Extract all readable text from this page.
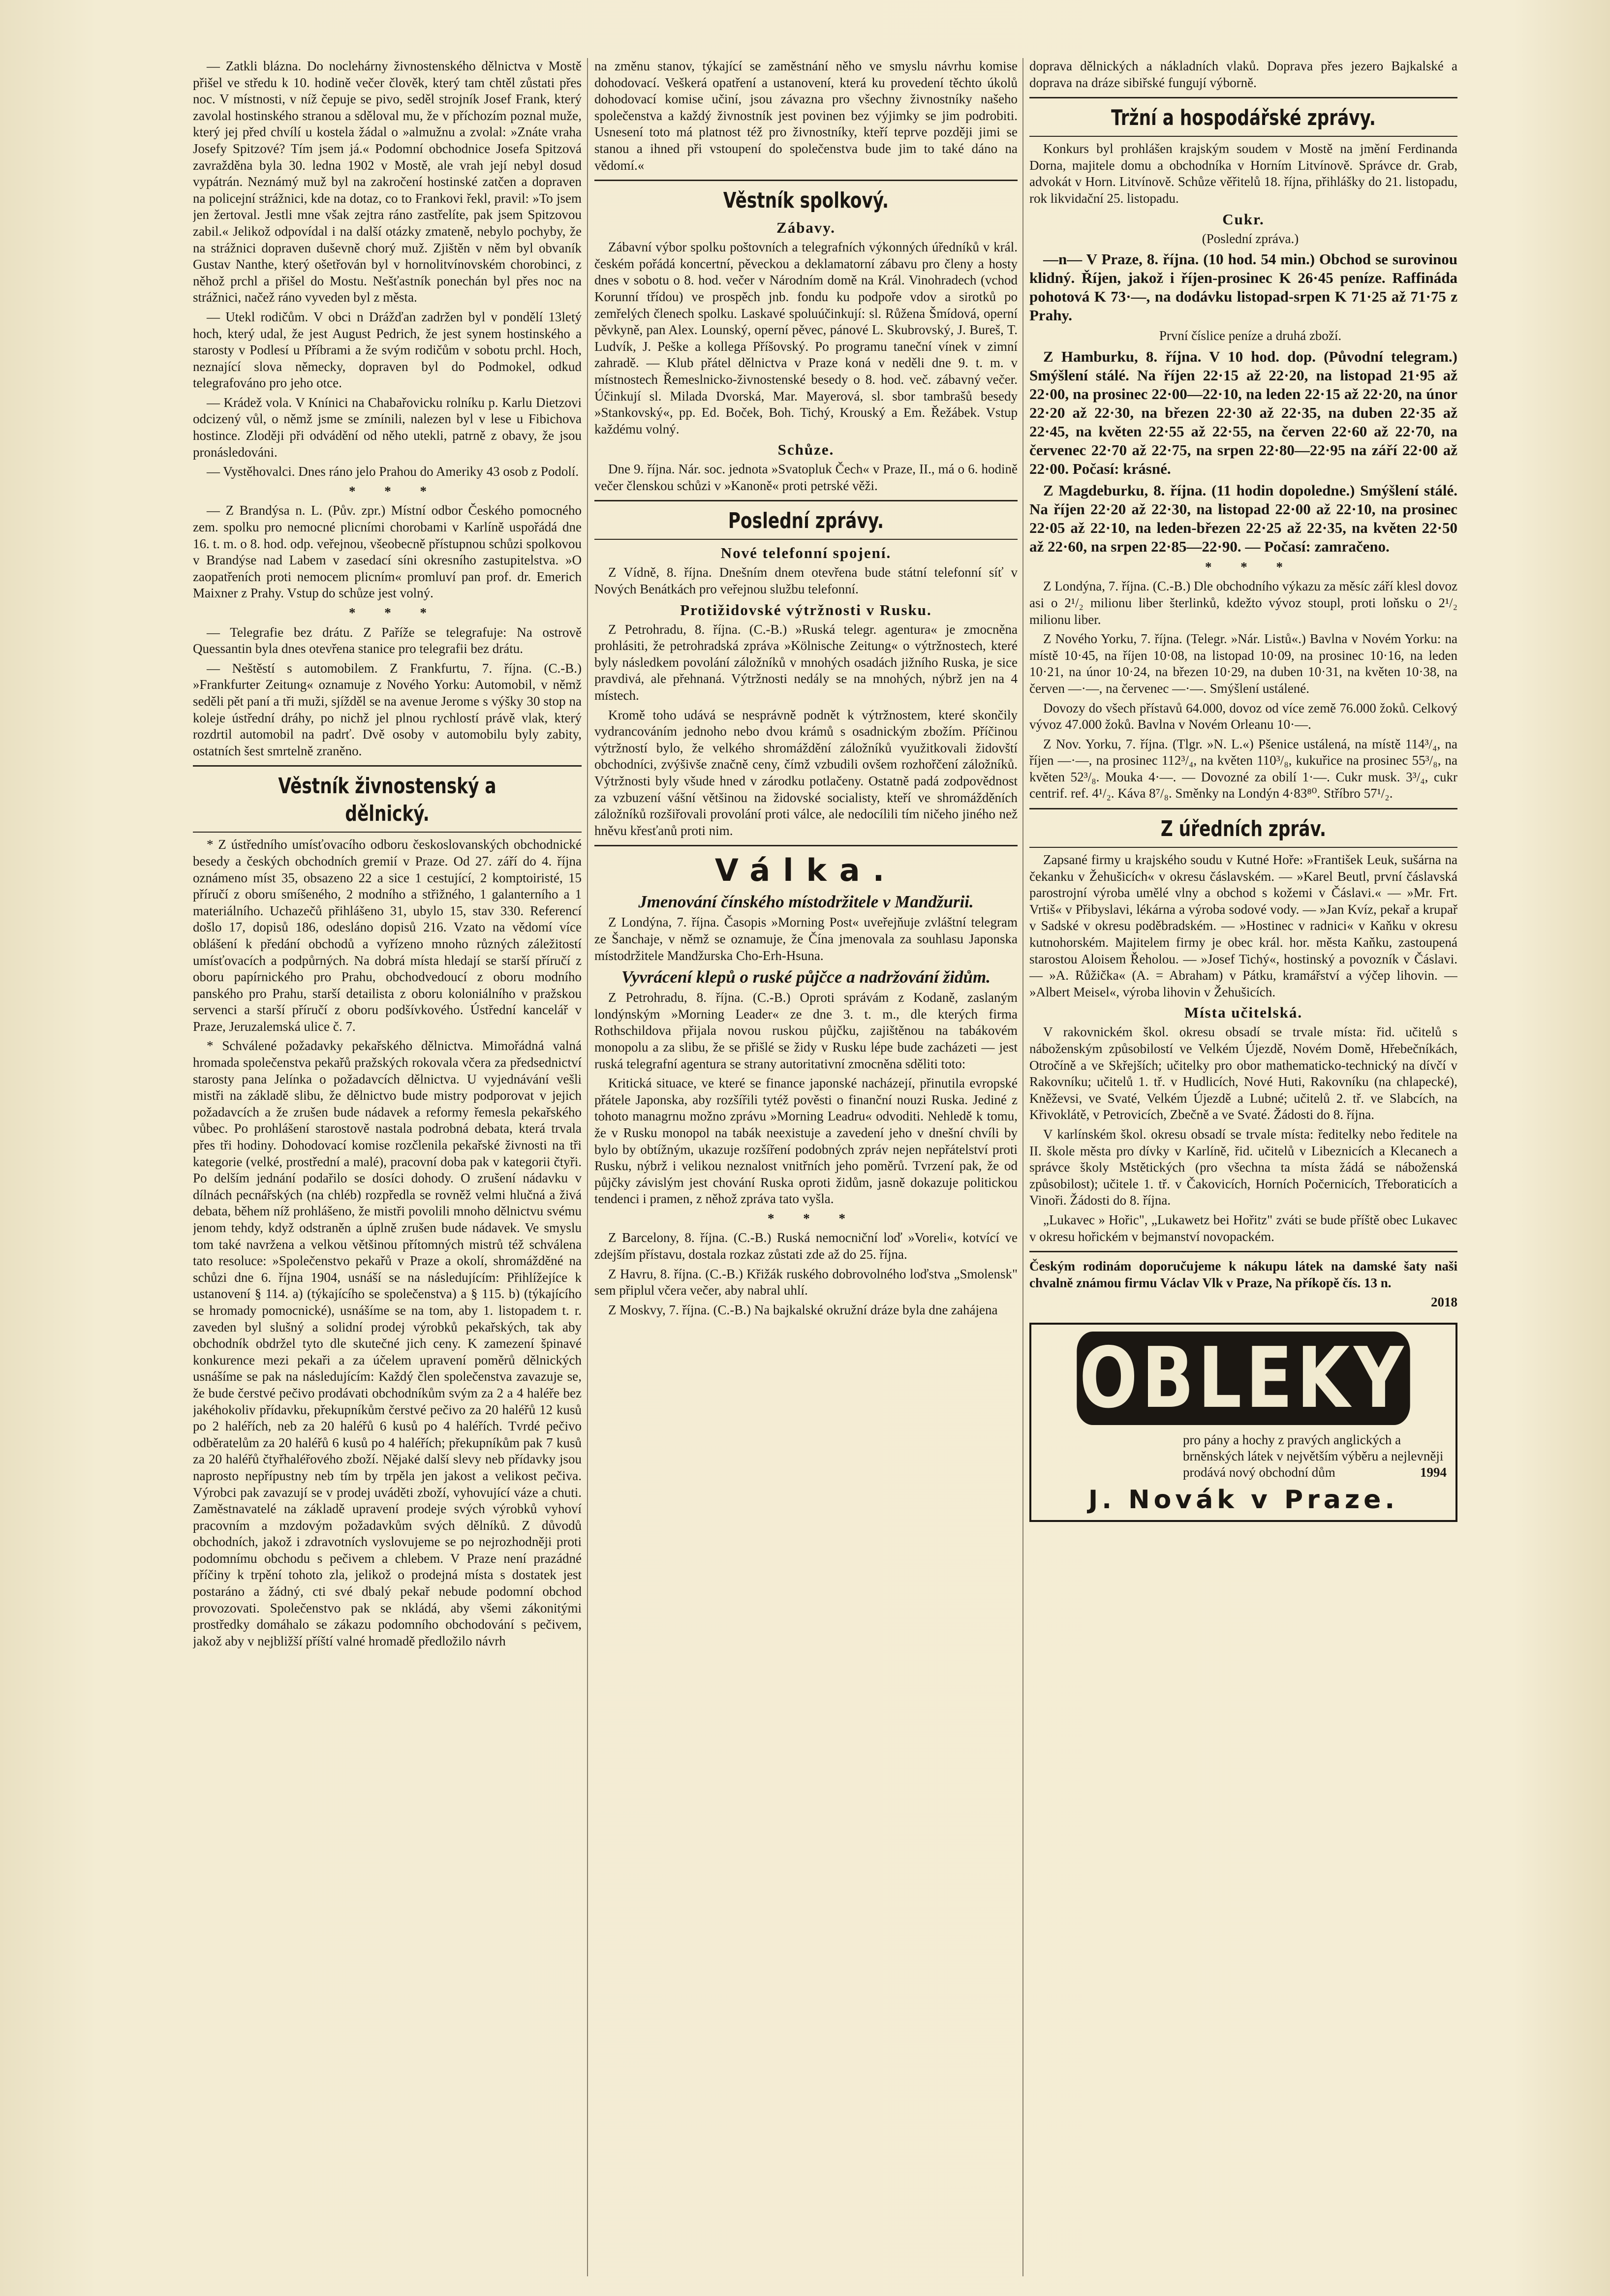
— Zatkli blázna. Do noclehárny živnostenského dělnictva v Mostě přišel ve středu k 10. hodině večer člověk, který tam chtěl zůstati přes noc. V místnosti, v níž čepuje se pivo, seděl strojník Josef Frank, který zavolal hostinského stranou a sděloval mu, že v příchozím poznal muže, který jej před chvílí u kostela žádal o »almužnu a zvolal: »Znáte vraha Josefy Spitzové? Tím jsem já.« Podomní obchodnice Josefa Spitzová zavražděna byla 30. ledna 1902 v Mostě, ale vrah její nebyl dosud vypátrán. Neznámý muž byl na zakročení hostinské zatčen a dopraven na policejní strážnici, kde na dotaz, co to Frankovi řekl, pravil: »To jsem jen žertoval. Jestli mne však zejtra ráno zastřelíte, pak jsem Spitzovou zabil.« Jelikož odpovídal i na další otázky zmateně, nebylo pochyby, že na strážnici dopraven duševně chorý muž. Zjištěn v něm byl obvaník Gustav Nanthe, který ošetřován byl v hornolitvínovském chorobinci, z něhož prchl a přišel do Mostu. Nešťastník ponechán byl přes noc na strážnici, načež ráno vyveden byl z města.

— Utekl rodičům. V obci n Drážďan zadržen byl v pondělí 13letý hoch, který udal, že jest August Pedrich, že jest synem hostinského a starosty v Podlesí u Příbrami a že svým rodičům v sobotu prchl. Hoch, neznající slova německy, dopraven byl do Podmokel, odkud telegrafováno pro jeho otce.

— Krádež vola. V Knínici na Chabařovicku rolníku p. Karlu Dietzovi odcizený vůl, o němž jsme se zmínili, nalezen byl v lese u Fibichova hostince. Zloději při odvádění od něho utekli, patrně z obavy, že jsou pronásledováni.

— Vystěhovalci. Dnes ráno jelo Prahou do Ameriky 43 osob z Podolí.

* * *

— Z Brandýsa n. L. (Pův. zpr.) Místní odbor Českého pomocného zem. spolku pro nemocné plicními chorobami v Karlíně uspořádá dne 16. t. m. o 8. hod. odp. veřejnou, všeobecně přístupnou schůzi spolkovou v Brandýse nad Labem v zasedací síni okresního zastupitelstva. »O zaopatřeních proti nemocem plicním« promluví pan prof. dr. Emerich Maixner z Prahy. Vstup do schůze jest volný.

* * *

— Telegrafie bez drátu. Z Paříže se telegrafuje: Na ostrově Quessantin byla dnes otevřena stanice pro telegrafii bez drátu.

— Neštěstí s automobilem. Z Frankfurtu, 7. října. (C.-B.) »Frankfurter Zeitung« oznamuje z Nového Yorku: Automobil, v němž seděli pět paní a tři muži, sjížděl se na avenue Jerome s výšky 30 stop na koleje ústřední dráhy, po nichž jel plnou rychlostí právě vlak, který rozdrtil automobil na padrť. Dvě osoby v automobilu byly zabity, ostatních šest smrtelně zraněno.

Věstník živnostenský a dělnický.

* Z ústředního umísťovacího odboru českoslovanských obchodnické besedy a českých obchodních gremií v Praze. Od 27. září do 4. října oznámeno míst 35, obsazeno 22 a sice 1 cestující, 2 komptoiristé, 15 příručí z oboru smíšeného, 2 modního a střižného, 1 galanterního a 1 materiálního. Uchazečů přihlášeno 31, ubylo 15, stav 330. Referencí došlo 17, dopisů 186, odesláno dopisů 216. Vzato na vědomí více oblášení k předání obchodů a vyřízeno mnoho různých záležitostí umísťovacích a podpůrných. Na dobrá místa hledají se starší příručí z oboru papírnického pro Prahu, obchodvedoucí z oboru modního panského pro Prahu, starší detailista z oboru koloniálního v pražskou servenci a starší příručí z oboru podšívkového. Ústřední kancelář v Praze, Jeruzalemská ulice č. 7.

* Schválené požadavky pekařského dělnictva. Mimořádná valná hromada společenstva pekařů pražských rokovala včera za předsednictví starosty pana Jelínka o požadavcích dělnictva. U vyjednávání vešli mistři na základě slibu, že dělnictvo bude mistry podporovat v jejich požadavcích a že zrušen bude nádavek a reformy řemesla pekařského vůbec. Po prohlášení starostově nastala podrobná debata, která trvala přes tři hodiny. Dohodovací komise rozčlenila pekařské živnosti na tři kategorie (velké, prostřední a malé), pracovní doba pak v kategorii čtyři. Po delším jednání podařilo se dosíci dohody. O zrušení nádavku v dílnách pecnářských (na chléb) rozpředla se rovněž velmi hlučná a živá debata, během níž prohlášeno, že mistři povolili mnoho dělnictvu svému jenom tehdy, když odstraněn a úplně zrušen bude nádavek. Ve smyslu tom také navržena a velkou většinou přítomných mistrů též schválena tato resoluce: »Společenstvo pekařů v Praze a okolí, shromážděné na schůzi dne 6. října 1904, usnáší se na následujícím: Přihlížejíce k ustanovení § 114. a) (týkajícího se společenstva) a § 115. b) (týkajícího se hromady pomocnické), usnášíme se na tom, aby 1. listopadem t. r. zaveden byl slušný a solidní prodej výrobků pekařských, tak aby obchodník obdržel tyto dle skutečné jich ceny. K zamezení špinavé konkurence mezi pekaři a za účelem upravení poměrů dělnických usnášíme se pak na následujícím: Každý člen společenstva zavazuje se, že bude čerstvé pečivo prodávati obchodníkům svým za 2 a 4 haléře bez jakéhokoliv přídavku, překupníkům čerstvé pečivo za 20 haléřů 12 kusů po 2 haléřích, neb za 20 haléřů 6 kusů po 4 haléřích. Tvrdé pečivo odběratelům za 20 haléřů 6 kusů po 4 haléřích; překupníkům pak 7 kusů za 20 haléřů čtyřhaléřového zboží. Nějaké další slevy neb přídavky jsou naprosto nepřípustny neb tím by trpěla jen jakost a velikost pečiva. Výrobci pak zavazují se v prodej uváděti zboží, vyhovující váze a chuti. Zaměstnavatelé na základě upravení prodeje svých výrobků vyhoví pracovním a mzdovým požadavkům svých dělníků. Z důvodů obchodních, jakož i zdravotních vyslovujeme se po nejrozhodněji proti podomnímu obchodu s pečivem a chlebem. V Praze není prazádné příčiny k trpění tohoto zla, jelikož o prodejná místa s dostatek jest postaráno a žádný, cti své dbalý pekař nebude podomní obchod provozovati. Společenstvo pak se nkládá, aby všemi zákonitými prostředky domáhalo se zákazu podomního obchodování s pečivem, jakož aby v nejbližší příští valné hromadě předložilo návrh

na změnu stanov, týkající se zaměstnání něho ve smyslu návrhu komise dohodovací. Veškerá opatření a ustanovení, která ku provedení těchto úkolů dohodovací komise učiní, jsou závazna pro všechny živnostníky našeho společenstva a každý živnostník jest povinen bez výjimky se jim podrobiti. Usnesení toto má platnost též pro živnostníky, kteří teprve později jimi se stanou a ihned při vstoupení do společenstva bude jim to také dáno na vědomí.«

Věstník spolkový.
Zábavy.

Zábavní výbor spolku poštovních a telegrafních výkonných úředníků v král. českém pořádá koncertní, pěveckou a deklamatorní zábavu pro členy a hosty dnes v sobotu o 8. hod. večer v Národním domě na Král. Vinohradech (vchod Korunní třídou) ve prospěch jnb. fondu ku podpoře vdov a sirotků po zemřelých členech spolku. Laskavé spoluúčinkují: sl. Růžena Šmídová, operní pěvkyně, pan Alex. Lounský, operní pěvec, pánové L. Skubrovský, J. Bureš, T. Ludvík, J. Peške a kollega Příšovský. Po programu taneční vínek v zimní zahradě. — Klub přátel dělnictva v Praze koná v neděli dne 9. t. m. v místnostech Řemeslnicko-živnostenské besedy o 8. hod. več. zábavný večer. Účinkují sl. Milada Dvorská, Mar. Mayerová, sl. sbor tambrašů besedy »Stankovský«, pp. Ed. Boček, Boh. Tichý, Krouský a Em. Řežábek. Vstup každému volný.

Schůze.

Dne 9. října. Nár. soc. jednota »Svatopluk Čech« v Praze, II., má o 6. hodině večer členskou schůzi v »Kanoně« proti petrské věži.

Poslední zprávy.
Nové telefonní spojení.

Z Vídně, 8. října. Dnešním dnem otevřena bude státní telefonní síť v Nových Benátkách pro veřejnou službu telefonní.

Protižidovské výtržnosti v Rusku.

Z Petrohradu, 8. října. (C.-B.) »Ruská telegr. agentura« je zmocněna prohlásiti, že petrohradská zpráva »Kölnische Zeitung« o výtržnostech, které byly následkem povolání záložníků v mnohých osadách jižního Ruska, je sice pravdivá, ale přehnaná. Výtržnosti nedály se na mnohých, nýbrž jen na 4 místech.

Kromě toho udává se nesprávně podnět k výtržnostem, které skončily vydrancováním jednoho nebo dvou krámů s osadnickým zbožím. Příčinou výtržností bylo, že velkého shromáždění záložníků využitkovali židovští obchodníci, zvýšivše značně ceny, čímž vzbudili ovšem rozhořčení záložníků. Výtržnosti byly všude hned v zárodku potlačeny. Ostatně padá zodpovědnost za vzbuzení vášní většinou na židovské socialisty, kteří ve shromážděních záložníků rozšiřovali provolání proti válce, ale nedocílili tím ničeho jiného než hněvu křesťanů proti nim.

Válka.
Jmenování čínského místodržitele v Mandžurii.

Z Londýna, 7. října. Časopis »Morning Post« uveřejňuje zvláštní telegram ze Šanchaje, v němž se oznamuje, že Čína jmenovala za souhlasu Japonska místodržitele Mandžurska Cho-Erh-Hsuna.

Vyvrácení klepů o ruské půjčce a nadržování židům.

Z Petrohradu, 8. října. (C.-B.) Oproti správám z Kodaně, zaslaným londýnským »Morning Leader« ze dne 3. t. m., dle kterých firma Rothschildova přijala novou ruskou půjčku, zajištěnou na tabákovém monopolu a za slibu, že se přišlé se židy v Rusku lépe bude zacházeti — jest ruská telegrafní agentura se strany autoritativní zmocněna sděliti toto:

Kritická situace, ve které se finance japonské nacházejí, přinutila evropské přátele Japonska, aby rozšířili tytéž pověsti o finanční nouzi Ruska. Jediné z tohoto managrnu možno zprávu »Morning Leadru« odvoditi. Nehledě k tomu, že v Rusku monopol na tabák neexistuje a zavedení jeho v dnešní chvíli by bylo by obtížným, ukazuje rozšíření podobných zpráv nejen nepřátelství proti Rusku, nýbrž i velikou neznalost vnitřních jeho poměrů. Tvrzení pak, že od půjčky závislým jest chování Ruska oproti židům, jasně dokazuje politickou tendenci i pramen, z něhož zpráva tato vyšla.

* * *

Z Barcelony, 8. října. (C.-B.) Ruská nemocniční loď »Voreli«, kotvící ve zdejším přístavu, dostala rozkaz zůstati zde až do 25. října.

Z Havru, 8. října. (C.-B.) Křižák ruského dobrovolného loďstva „Smolensk" sem připlul včera večer, aby nabral uhlí.

Z Moskvy, 7. října. (C.-B.) Na bajkalské okružní dráze byla dne zahájena

doprava dělnických a nákladních vlaků. Doprava přes jezero Bajkalské a doprava na dráze sibiřské fungují výborně.

Tržní a hospodářské zprávy.

Konkurs byl prohlášen krajským soudem v Mostě na jmění Ferdinanda Dorna, majitele domu a obchodníka v Horním Litvínově. Správce dr. Grab, advokát v Horn. Litvínově. Schůze věřitelů 18. října, přihlášky do 21. listopadu, rok likvidační 25. listopadu.

Cukr.

(Poslední zpráva.)

—n— V Praze, 8. října. (10 hod. 54 min.) Obchod se surovinou klidný. Říjen, jakož i říjen-prosinec K 26·45 peníze. Raffináda pohotová K 73·—, na dodávku listopad-srpen K 71·25 až 71·75 z Prahy.

První číslice peníze a druhá zboží.

Z Hamburku, 8. října. V 10 hod. dop. (Původní telegram.) Smýšlení stálé. Na říjen 22·15 až 22·20, na listopad 21·95 až 22·00, na prosinec 22·00—22·10, na leden 22·15 až 22·20, na únor 22·20 až 22·30, na březen 22·30 až 22·35, na duben 22·35 až 22·45, na květen 22·55 až 22·55, na červen 22·60 až 22·70, na červenec 22·70 až 22·75, na srpen 22·80—22·95 na září 22·00 až 22·00. Počasí: krásné.

Z Magdeburku, 8. října. (11 hodin dopoledne.) Smýšlení stálé. Na říjen 22·20 až 22·30, na listopad 22·00 až 22·10, na prosinec 22·05 až 22·10, na leden-březen 22·25 až 22·35, na květen 22·50 až 22·60, na srpen 22·85—22·90. — Počasí: zamračeno.

* * *

Z Londýna, 7. října. (C.-B.) Dle obchodního výkazu za měsíc září klesl dovoz asi o 2¹/₂ milionu liber šterlinků, kdežto vývoz stoupl, proti loňsku o 2¹/₂ milionu liber.

Z Nového Yorku, 7. října. (Telegr. »Nár. Listů«.) Bavlna v Novém Yorku: na místě 10·45, na říjen 10·08, na listopad 10·09, na prosinec 10·16, na leden 10·21, na únor 10·24, na březen 10·29, na duben 10·31, na květen 10·38, na červen —·—, na červenec —·—. Smýšlení ustálené.

Dovozy do všech přístavů 64.000, dovoz od více země 76.000 žoků. Celkový vývoz 47.000 žoků. Bavlna v Novém Orleanu 10·—.

Z Nov. Yorku, 7. října. (Tlgr. »N. L.«) Pšenice ustálená, na místě 114³/₄, na říjen —·—, na prosinec 112³/₄, na květen 110³/₈, kukuřice na prosinec 55³/₈, na květen 52³/₈. Mouka 4·—. — Dovozné za obilí 1·—. Cukr musk. 3³/₄, cukr centrif. ref. 4¹/₂. Káva 8⁷/₈. Směnky na Londýn 4·83⁸⁰. Stříbro 57¹/₂.

Z úředních zpráv.

Zapsané firmy u krajského soudu v Kutné Hoře: »František Leuk, sušárna na čekanku v Žehušicích« v okresu čáslavském. — »Karel Beutl, první čáslavská parostrojní výroba umělé vlny a obchod s kožemi v Čáslavi.« — »Mr. Frt. Vrtiš« v Přibyslavi, lékárna a výroba sodové vody. — »Jan Kvíz, pekař a krupař v Sadské v okresu poděbradském. — »Hostinec v radnici« v Kaňku v okresu kutnohorském. Majitelem firmy je obec král. hor. města Kaňku, zastoupená starostou Aloisem Řeholou. — »Josef Tichý«, hostinský a povozník v Čáslavi. — »A. Růžička« (A. = Abraham) v Pátku, kramářství a výčep lihovin. — »Albert Meisel«, výroba lihovin v Žehušicích.

Místa učitelská.

V rakovnickém škol. okresu obsadí se trvale místa: řid. učitelů s náboženským způsobilostí ve Velkém Újezdě, Novém Domě, Hřebečníkách, Otročíně a ve Skřejších; učitelky pro obor mathematicko-technický na dívčí v Rakovníku; učitelů 1. tř. v Hudlicích, Nové Huti, Rakovníku (na chlapecké), Kněževsi, ve Svaté, Velkém Újezdě a Lubné; učitelů 2. tř. ve Slabcích, na Křivoklátě, v Petrovicích, Zbečně a ve Svaté. Žádosti do 8. října.

V karlínském škol. okresu obsadí se trvale místa: ředitelky nebo ředitele na II. škole města pro dívky v Karlíně, řid. učitelů v Libeznicích a Klecanech a správce školy Mstětických (pro všechna ta místa žádá se náboženská způsobilost); učitele 1. tř. v Čakovicích, Horních Počernicích, Třeboraticích a Vinoři. Žádosti do 8. října.

„Lukavec » Hořic", „Lukawetz bei Hořitz" zváti se bude příště obec Lukavec v okresu hořickém v bejmanství novopackém.

Českým rodinám doporučujeme k nákupu látek na damské šaty naši chvalně známou firmu Václav Vlk v Praze, Na příkopě čís. 13 n.

2018

OBLEKY
pro pány a hochy z pravých anglických a brněnských látek v největším výběru a nejlevněji prodává nový obchodní dům	1994
J. Novák v Praze.
